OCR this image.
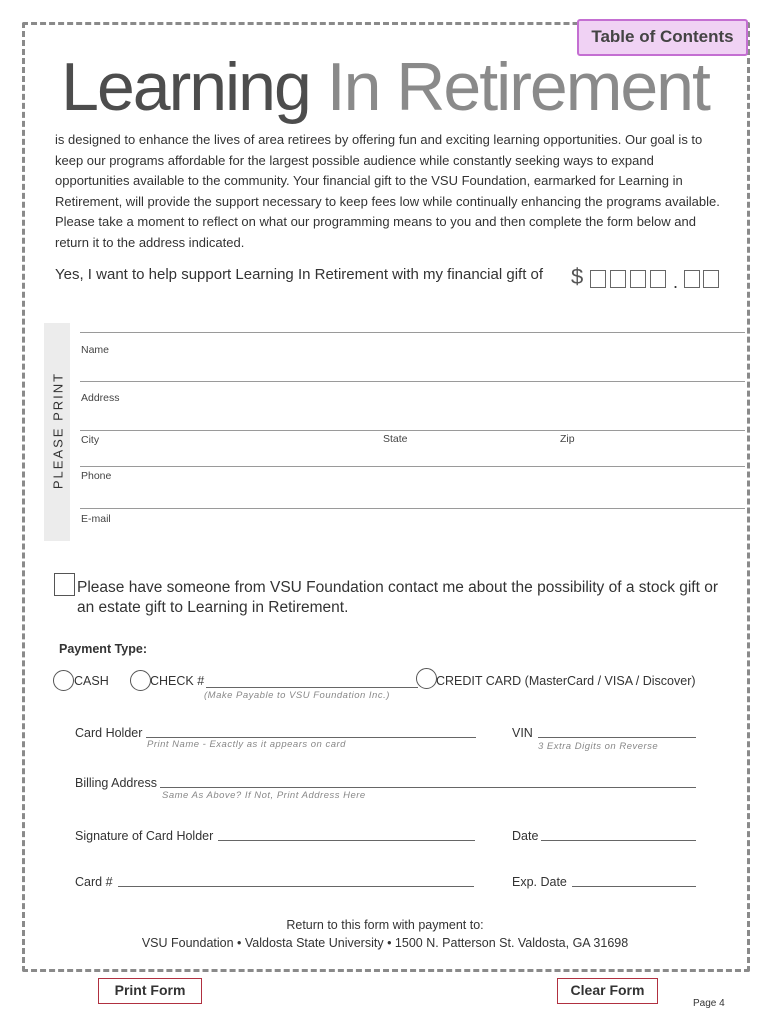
Table of Contents
Learning In Retirement
is designed to enhance the lives of area retirees by offering fun and exciting learning opportunities. Our goal is to keep our programs affordable for the largest possible audience while constantly seeking ways to expand opportunities available to the community. Your financial gift to the VSU Foundation, earmarked for Learning in Retirement, will provide the support necessary to keep fees low while continually enhancing the programs available. Please take a moment to reflect on what our programming means to you and then complete the form below and return it to the address indicated.
Yes, I want to help support Learning In Retirement with my financial gift of $	.
PLEASE PRINT
Name
Address
City	State	Zip
Phone
E-mail
Please have someone from VSU Foundation contact me about the possibility of a stock gift or an estate gift to Learning in Retirement.
Payment Type:
CASH	CHECK #
(Make Payable to VSU Foundation Inc.)
CREDIT CARD (MasterCard / VISA / Discover)
Card Holder
Print Name - Exactly as it appears on card
VIN
3 Extra Digits on Reverse
Billing Address
Same As Above? If Not, Print Address Here
Signature of Card Holder	Date
Card #	Exp. Date
Return to this form with payment to:
VSU Foundation • Valdosta State University • 1500 N. Patterson St. Valdosta, GA 31698
Print Form	Clear Form
Page 4
